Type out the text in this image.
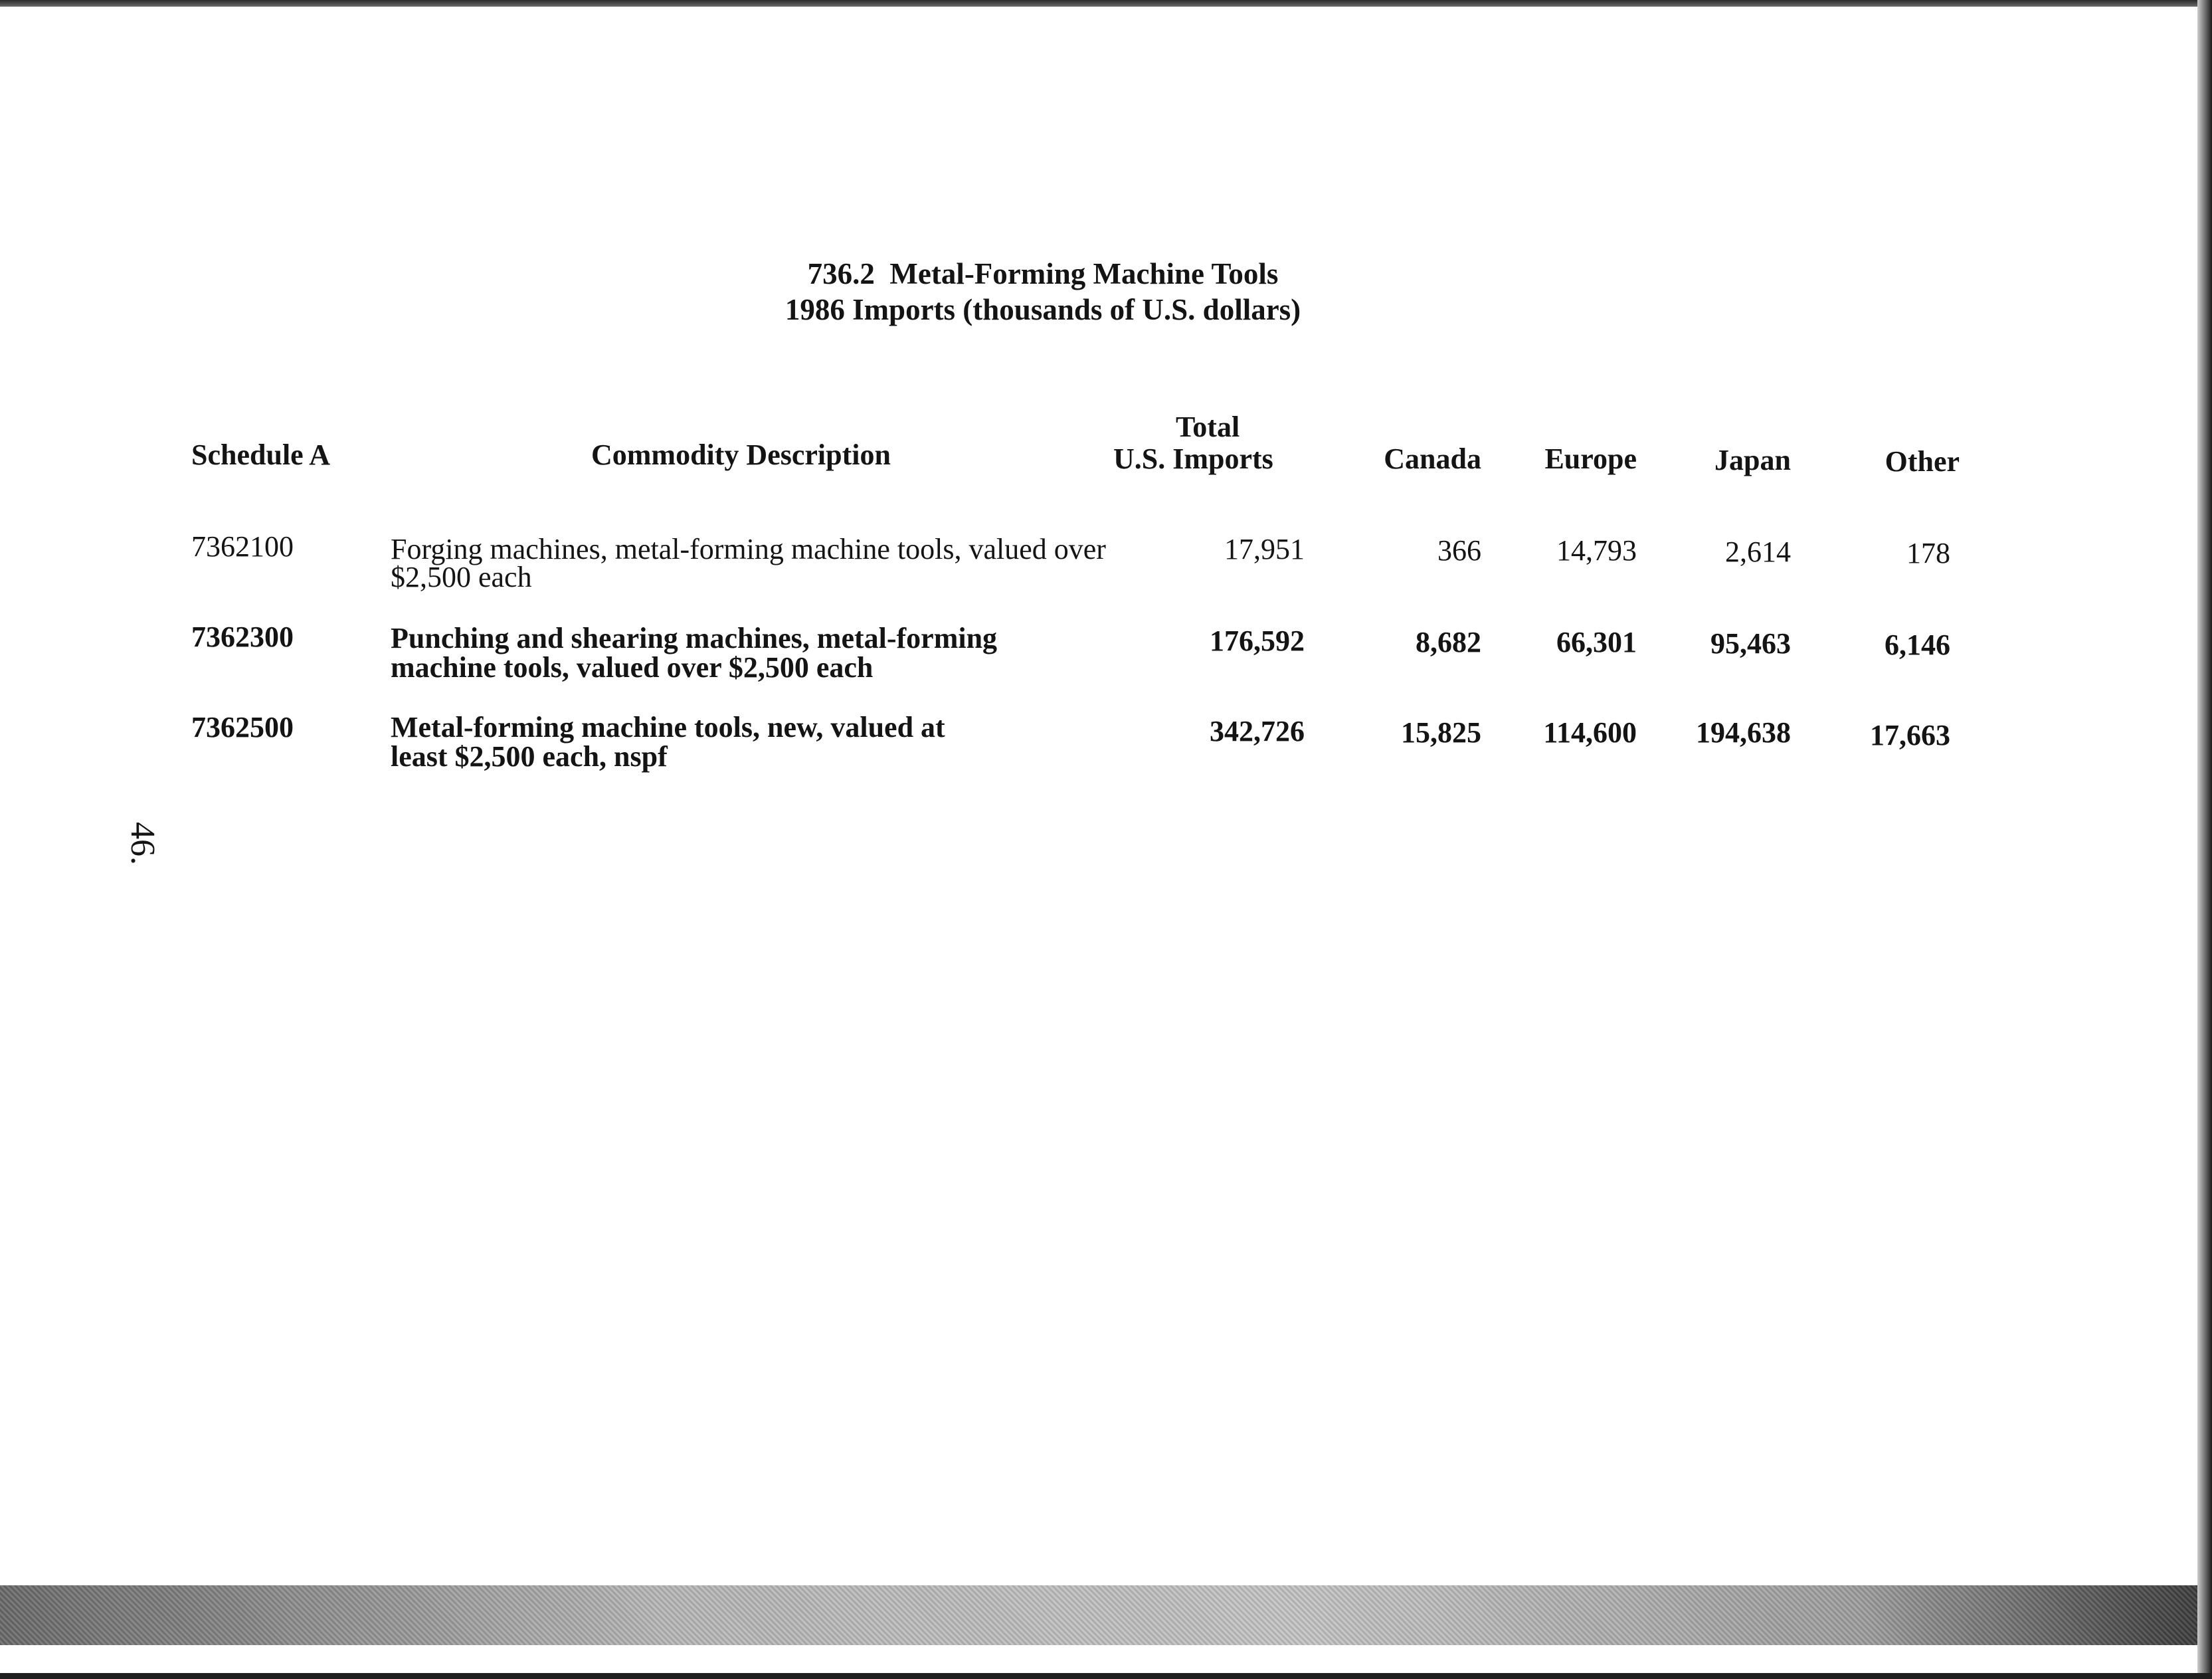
46.
736.2  Metal-Forming Machine Tools
1986 Imports (thousands of U.S. dollars)
Schedule A	Commodity Description
Total
U.S. Imports	Canada	Europe	Japan	Other
7362100	Forging machines, metal-forming machine tools, valued over
$2,500 each
17,951	366	14,793	2,614	178
7362300	Punching and shearing machines, metal-forming
machine tools, valued over $2,500 each
176,592	8,682	66,301	95,463	6,146
7362500	Metal-forming machine tools, new, valued at
least $2,500 each, nspf
342,726	15,825	114,600	194,638	17,663
